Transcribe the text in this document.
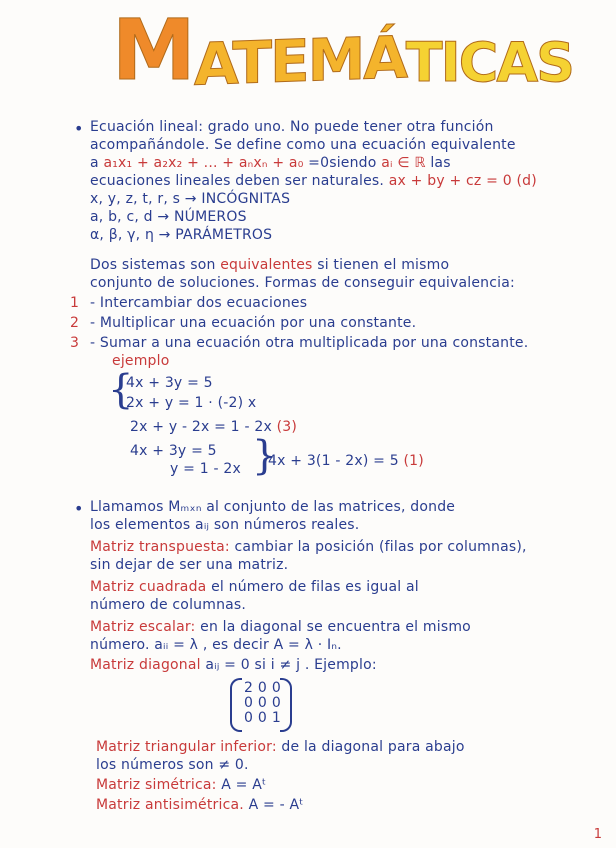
M ATEMÁ TICAS
• Ecuación lineal: grado uno. No puede tener otra función
acompañándole. Se define como una ecuación equivalente
a a₁x₁ + a₂x₂ + ... + aₙxₙ + a₀ =0siendo aᵢ ∈ ℝ las
ecuaciones lineales deben ser naturales. ax + by + cz = 0 (d)
x, y, z, t, r, s → INCÓGNITAS
a, b, c, d → NÚMEROS
α, β, γ, η → PARÁMETROS
Dos sistemas son equivalentes si tienen el mismo
conjunto de soluciones. Formas de conseguir equivalencia:
1 - Intercambiar dos ecuaciones
2 - Multiplicar una ecuación por una constante.
3 - Sumar a una ecuación otra multiplicada por una constante.
ejemplo
{
4x + 3y = 5
2x + y = 1 · (-2) x
2x + y - 2x = 1 - 2x (3)
4x + 3y = 5
y = 1 - 2x }
4x + 3(1 - 2x) = 5 (1)
• Llamamos Mₘₓₙ al conjunto de las matrices, donde
los elementos aᵢⱼ son números reales.
Matriz transpuesta: cambiar la posición (filas por columnas),
sin dejar de ser una matriz.
Matriz cuadrada el número de filas es igual al
número de columnas.
Matriz escalar: en la diagonal se encuentra el mismo
número. aᵢᵢ = λ , es decir A = λ · Iₙ.
Matriz diagonal aᵢⱼ = 0 si i ≠ j . Ejemplo:
200
000
001
Matriz triangular inferior: de la diagonal para abajo
los números son ≠ 0.
Matriz simétrica: A = Aᵗ
Matriz antisimétrica. A = - Aᵗ
1
